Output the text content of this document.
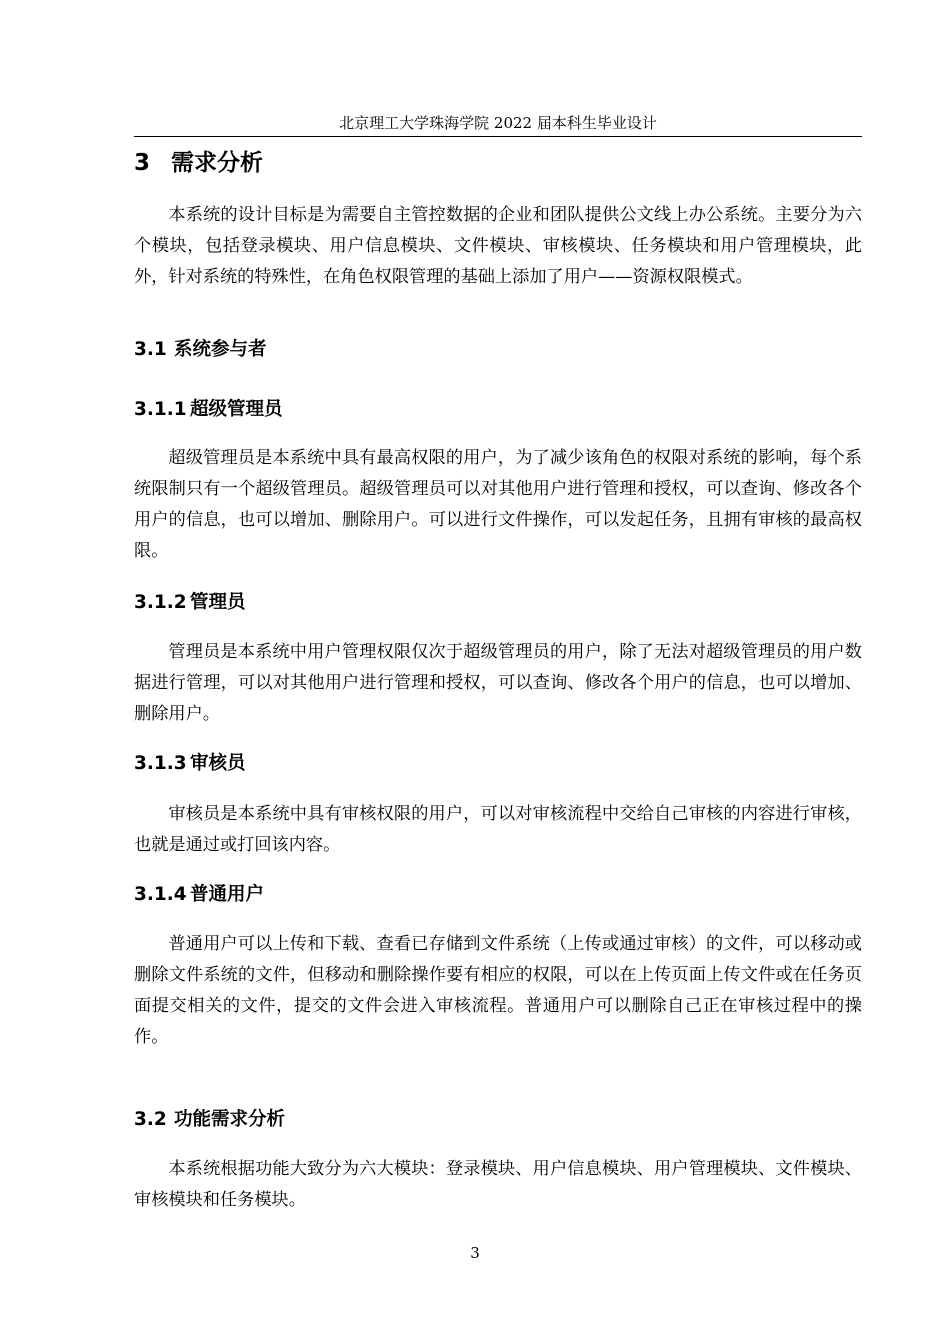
北京理工大学珠海学院 2022 届本科生毕业设计
3 需求分析

本系统的设计目标是为需要自主管控数据的企业和团队提供公文线上办公系统。主要分为六个模块，包括登录模块、用户信息模块、文件模块、审核模块、任务模块和用户管理模块，此外，针对系统的特殊性，在角色权限管理的基础上添加了用户——资源权限模式。

3.1 系统参与者
3.1.1 超级管理员

超级管理员是本系统中具有最高权限的用户，为了减少该角色的权限对系统的影响，每个系统限制只有一个超级管理员。超级管理员可以对其他用户进行管理和授权，可以查询、修改各个用户的信息，也可以增加、删除用户。可以进行文件操作，可以发起任务，且拥有审核的最高权限。

3.1.2 管理员

管理员是本系统中用户管理权限仅次于超级管理员的用户，除了无法对超级管理员的用户数据进行管理，可以对其他用户进行管理和授权，可以查询、修改各个用户的信息，也可以增加、删除用户。

3.1.3 审核员

审核员是本系统中具有审核权限的用户，可以对审核流程中交给自己审核的内容进行审核，也就是通过或打回该内容。

3.1.4 普通用户

普通用户可以上传和下载、查看已存储到文件系统（上传或通过审核）的文件，可以移动或删除文件系统的文件，但移动和删除操作要有相应的权限，可以在上传页面上传文件或在任务页面提交相关的文件，提交的文件会进入审核流程。普通用户可以删除自己正在审核过程中的操作。

3.2 功能需求分析

本系统根据功能大致分为六大模块：登录模块、用户信息模块、用户管理模块、文件模块、审核模块和任务模块。

3
